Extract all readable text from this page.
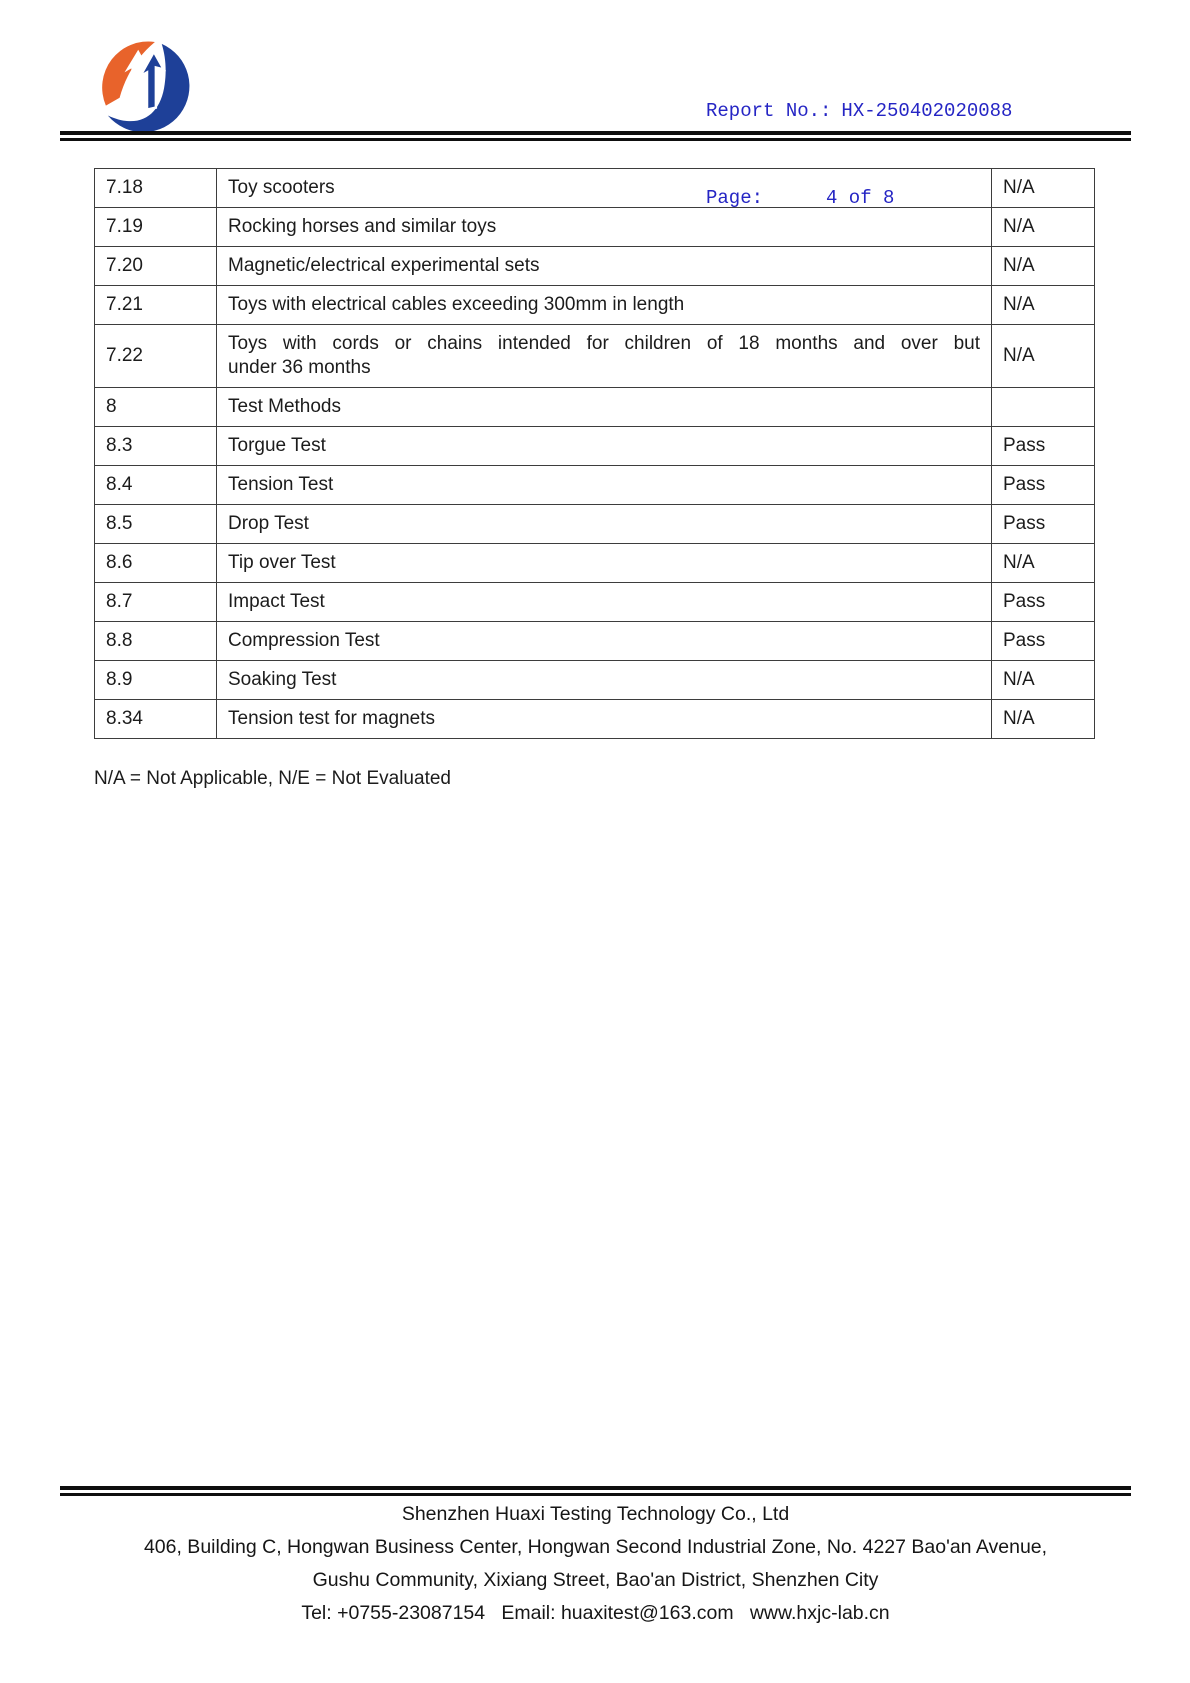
Report No.: HX-250402020088

Page:	4 of 8

7.18	Toy scooters	N/A
7.19	Rocking horses and similar toys	N/A
7.20	Magnetic/electrical experimental sets	N/A
7.21	Toys with electrical cables exceeding 300mm in length	N/A
7.22	Toys with cords or chains intended for children of 18 months and over butunder 36 months	N/A
8	Test Methods	
8.3	Torgue Test	Pass
8.4	Tension Test	Pass
8.5	Drop Test	Pass
8.6	Tip over Test	N/A
8.7	Impact Test	Pass
8.8	Compression Test	Pass
8.9	Soaking Test	N/A
8.34	Tension test for magnets	N/A

N/A = Not Applicable, N/E = Not Evaluated

Shenzhen Huaxi Testing Technology Co., Ltd
406, Building C, Hongwan Business Center, Hongwan Second Industrial Zone, No. 4227 Bao'an Avenue,
Gushu Community, Xixiang Street, Bao'an District, Shenzhen City
Tel: +0755-23087154   Email: huaxitest@163.com   www.hxjc-lab.cn
